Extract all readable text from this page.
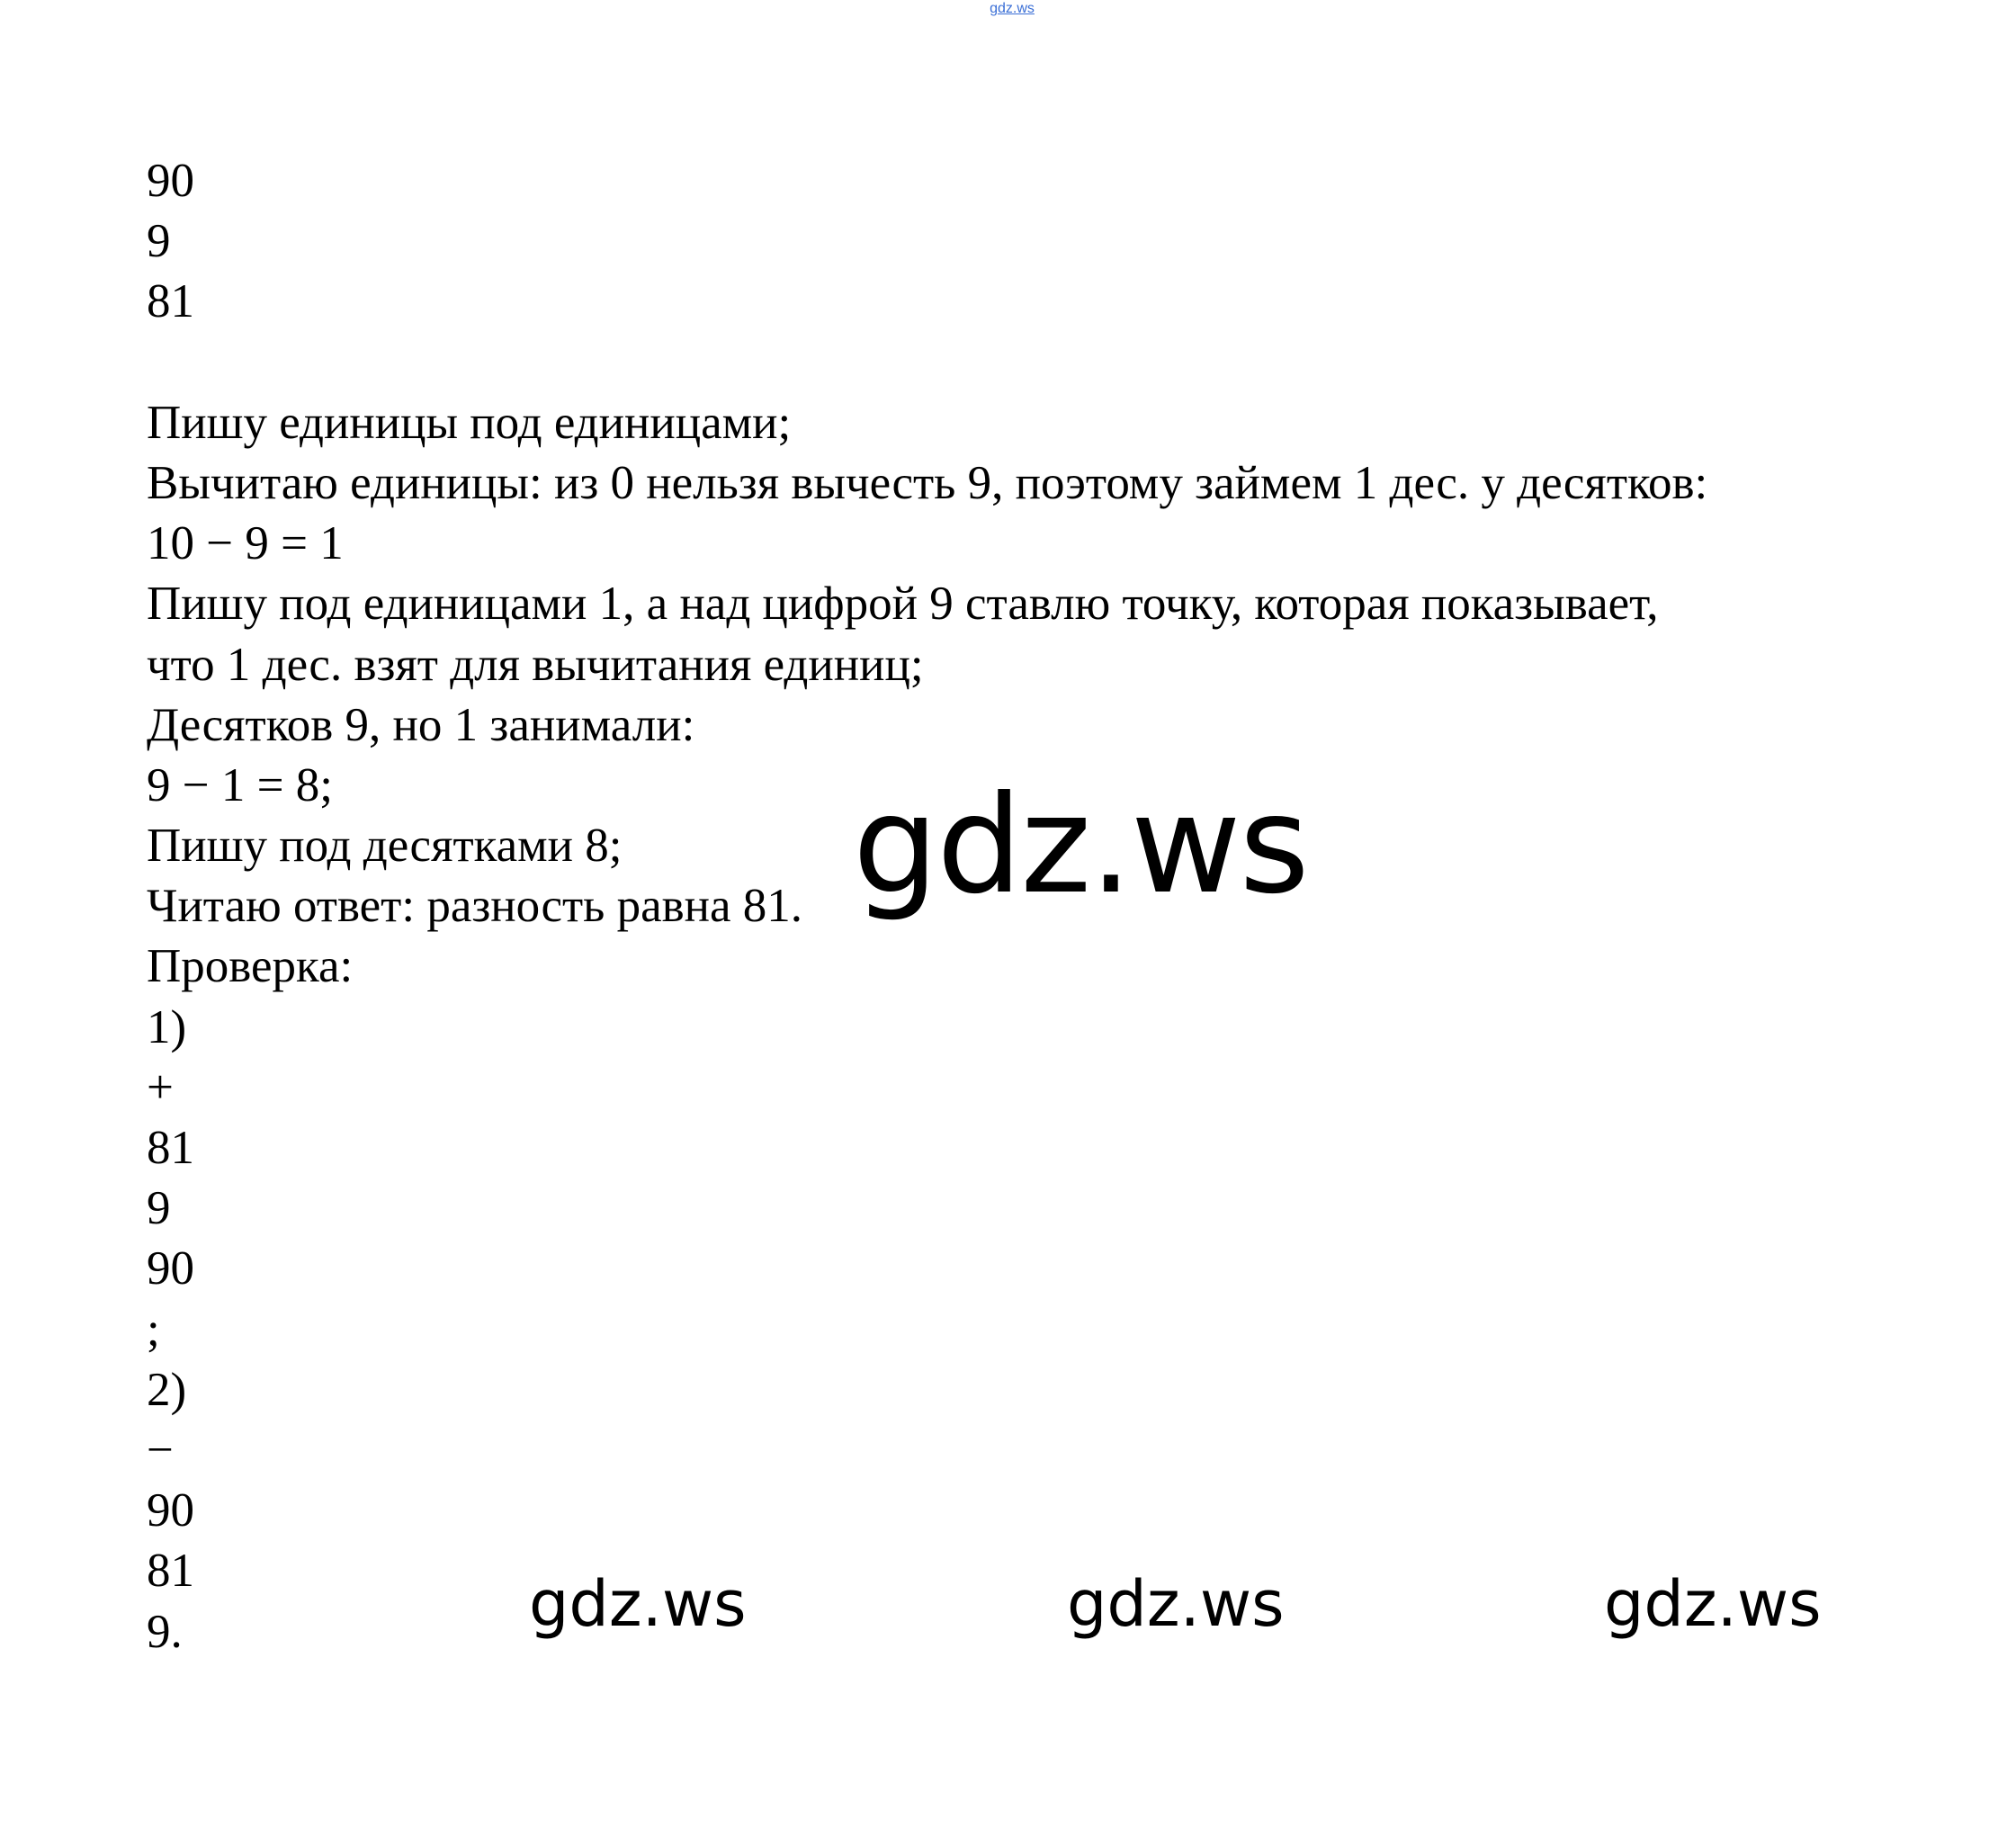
gdz.ws
90
9
81
Пишу единицы под единицами;
Вычитаю единицы: из 0 нельзя вычесть 9, поэтому займем 1 дес. у десятков:
10 − 9 = 1
Пишу под единицами 1, а над цифрой 9 ставлю точку, которая показывает,
что 1 дес. взят для вычитания единиц;
Десятков 9, но 1 занимали:
9 − 1 = 8;
Пишу под десятками 8;
Читаю ответ: разность равна 81.
Проверка:
1)
+
81
9
90
;
2)
−
90
81
9.
gdz.ws
gdz.ws	gdz.ws	gdz.ws
